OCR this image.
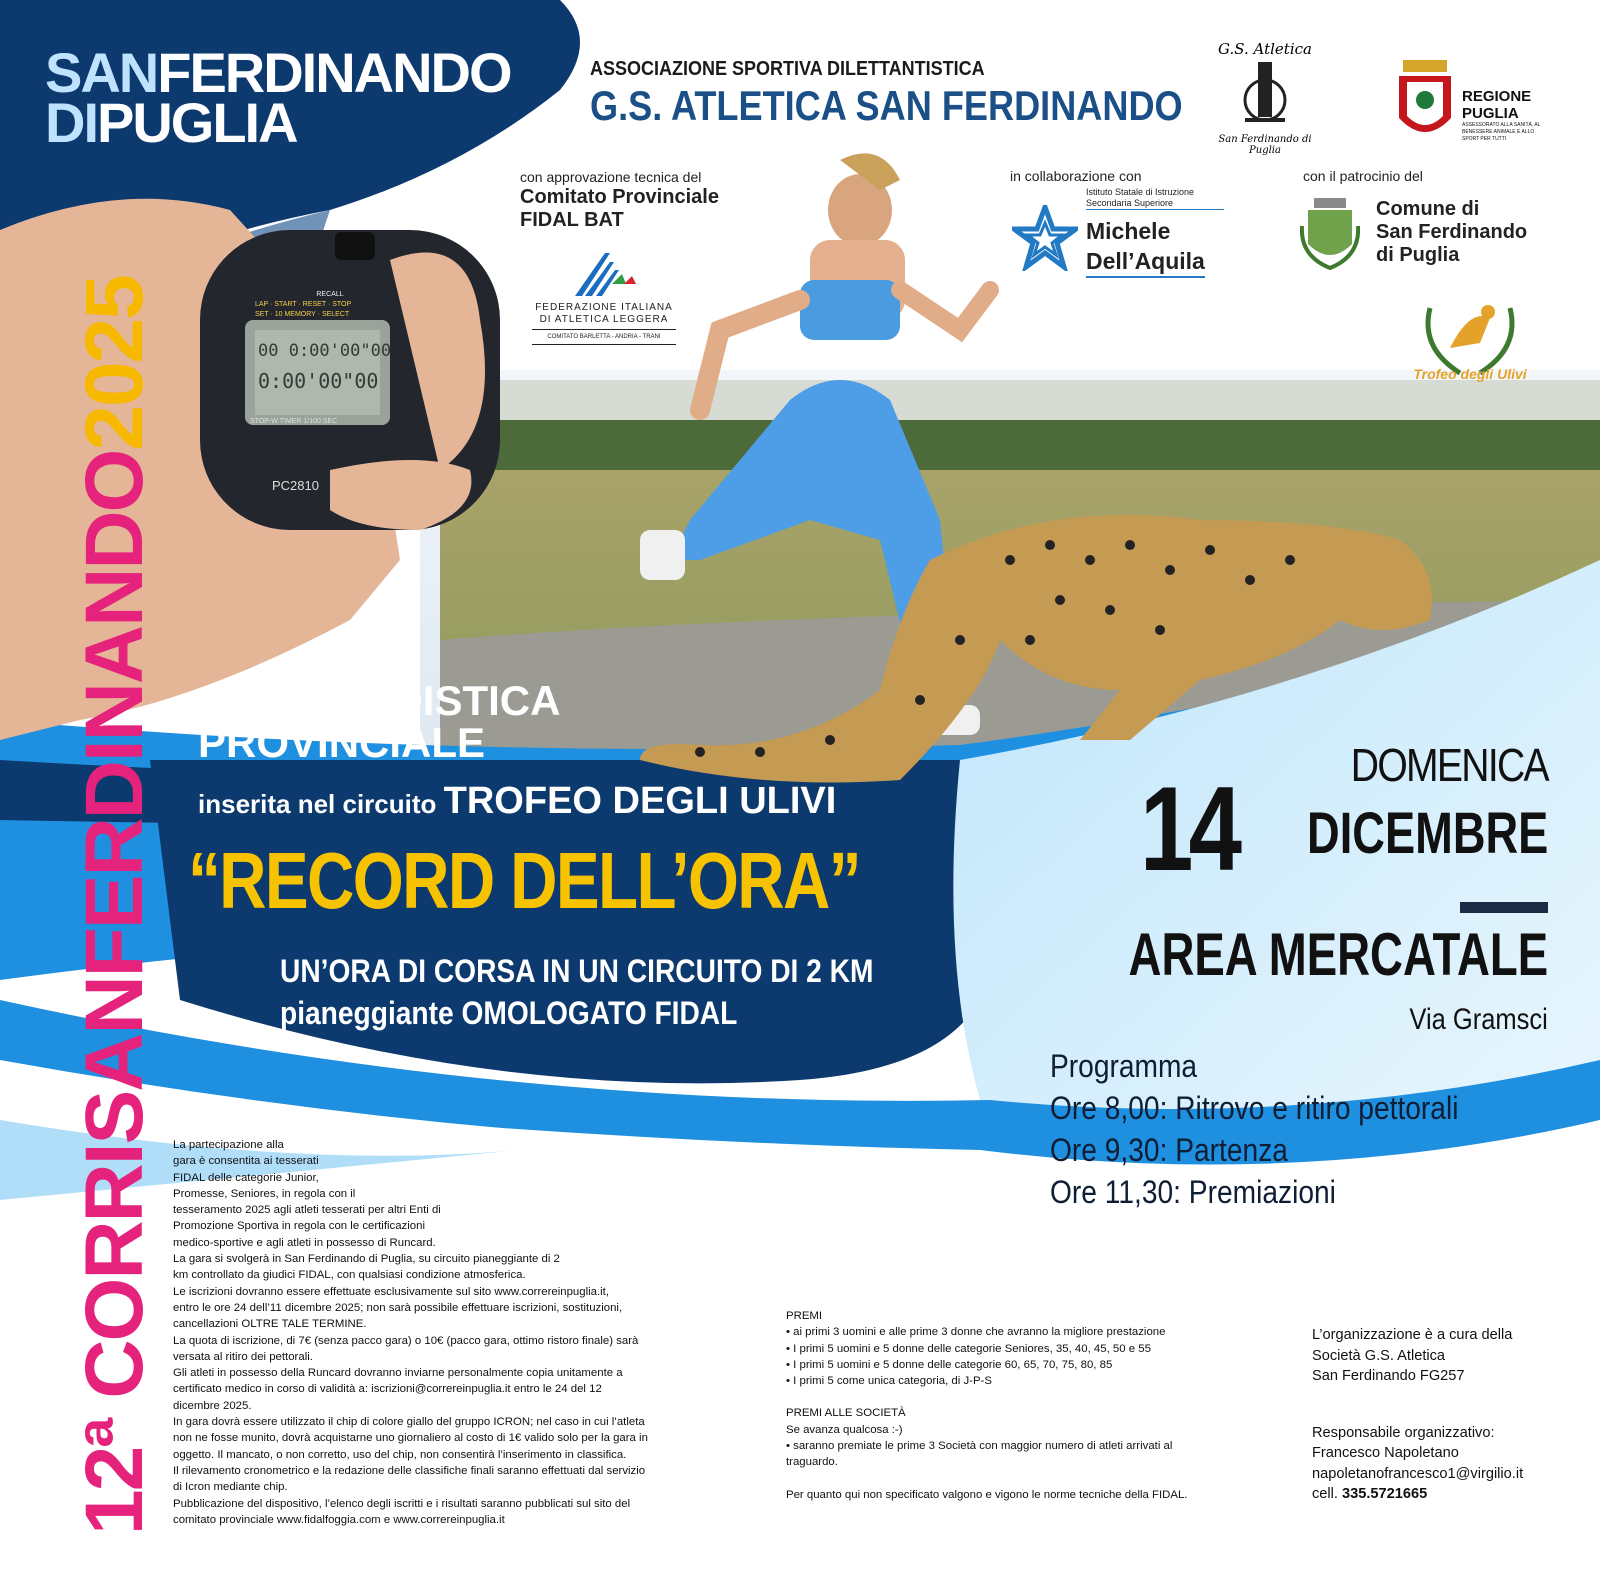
SANFERDINANDO
DIPUGLIA
RECALL
LAP · START · RESET · STOP
SET · 10 MEMORY · SELECT
00 0:00'00"00
0:00'00"00
STOP-W TIMER 1/100 SEC
PC2810
ASSOCIAZIONE SPORTIVA DILETTANTISTICA
G.S. ATLETICA SAN FERDINANDO
G.S. Atletica
San Ferdinando di Puglia
REGIONE
PUGLIA
ASSESSORATO ALLA SANITÀ, AL BENESSERE ANIMALE E ALLO SPORT PER TUTTI
con approvazione tecnica del
Comitato Provinciale
FIDAL BAT
FEDERAZIONE ITALIANA
DI ATLETICA LEGGERA
COMITATO BARLETTA - ANDRIA - TRANI
in collaborazione con
Istituto Statale di Istruzione
Secondaria Superiore
Michele
Dell’Aquila
con il patrocinio del
Comune di
San Ferdinando
di Puglia
Trofeo degli Ulivi
12ª CORRISANFERDINANDO2025
GARA PODISTICA
PROVINCIALE
inserita nel circuito TROFEO DEGLI ULIVI
“RECORD DELL’ORA”
UN’ORA DI CORSA IN UN CIRCUITO DI 2 KM
pianeggiante OMOLOGATO FIDAL
DOMENICA
14 DICEMBRE
AREA MERCATALE
Via Gramsci
Programma
Ore 8,00: Ritrovo e ritiro pettorali
Ore 9,30: Partenza
Ore 11,30: Premiazioni
La partecipazione alla
gara è consentita ai tesserati
FIDAL delle categorie Junior,
Promesse, Seniores, in regola con il
tesseramento 2025 agli atleti tesserati per altri Enti di
Promozione Sportiva in regola con le certificazioni
medico-sportive e agli atleti in possesso di Runcard.
La gara si svolgerà in San Ferdinando di Puglia, su circuito pianeggiante di 2
km controllato da giudici FIDAL, con qualsiasi condizione atmosferica.
Le iscrizioni dovranno essere effettuate esclusivamente sul sito www.correreinpuglia.it,
entro le ore 24 dell’11 dicembre 2025; non sarà possibile effettuare iscrizioni, sostituzioni,
cancellazioni OLTRE TALE TERMINE.
La quota di iscrizione, di 7€ (senza pacco gara) o 10€ (pacco gara, ottimo ristoro finale) sarà
versata al ritiro dei pettorali.
Gli atleti in possesso della Runcard dovranno inviarne personalmente copia unitamente a
certificato medico in corso di validità a: iscrizioni@correreinpuglia.it entro le 24 del 12
dicembre 2025.
In gara dovrà essere utilizzato il chip di colore giallo del gruppo ICRON; nel caso in cui l’atleta
non ne fosse munito, dovrà acquistarne uno giornaliero al costo di 1€ valido solo per la gara in
oggetto. Il mancato, o non corretto, uso del chip, non consentirà l’inserimento in classifica.
Il rilevamento cronometrico e la redazione delle classifiche finali saranno effettuati dal servizio
di Icron mediante chip.
Pubblicazione del dispositivo, l’elenco degli iscritti e i risultati saranno pubblicati sul sito del
comitato provinciale www.fidalfoggia.com e www.correreinpuglia.it
PREMI
• ai primi 3 uomini e alle prime 3 donne che avranno la migliore prestazione
• I primi 5 uomini e 5 donne delle categorie Seniores, 35, 40, 45, 50 e 55
• I primi 5 uomini e 5 donne delle categorie 60, 65, 70, 75, 80, 85
• I primi 5 come unica categoria, di J-P-S
PREMI ALLE SOCIETÀ
Se avanza qualcosa :-)
• saranno premiate le prime 3 Società con maggior numero di atleti arrivati al
traguardo.
Per quanto qui non specificato valgono e vigono le norme tecniche della FIDAL.
L’organizzazione è a cura della
Società G.S. Atletica
San Ferdinando FG257
Responsabile organizzativo:
Francesco Napoletano
napoletanofrancesco1@virgilio.it
cell. 335.5721665
